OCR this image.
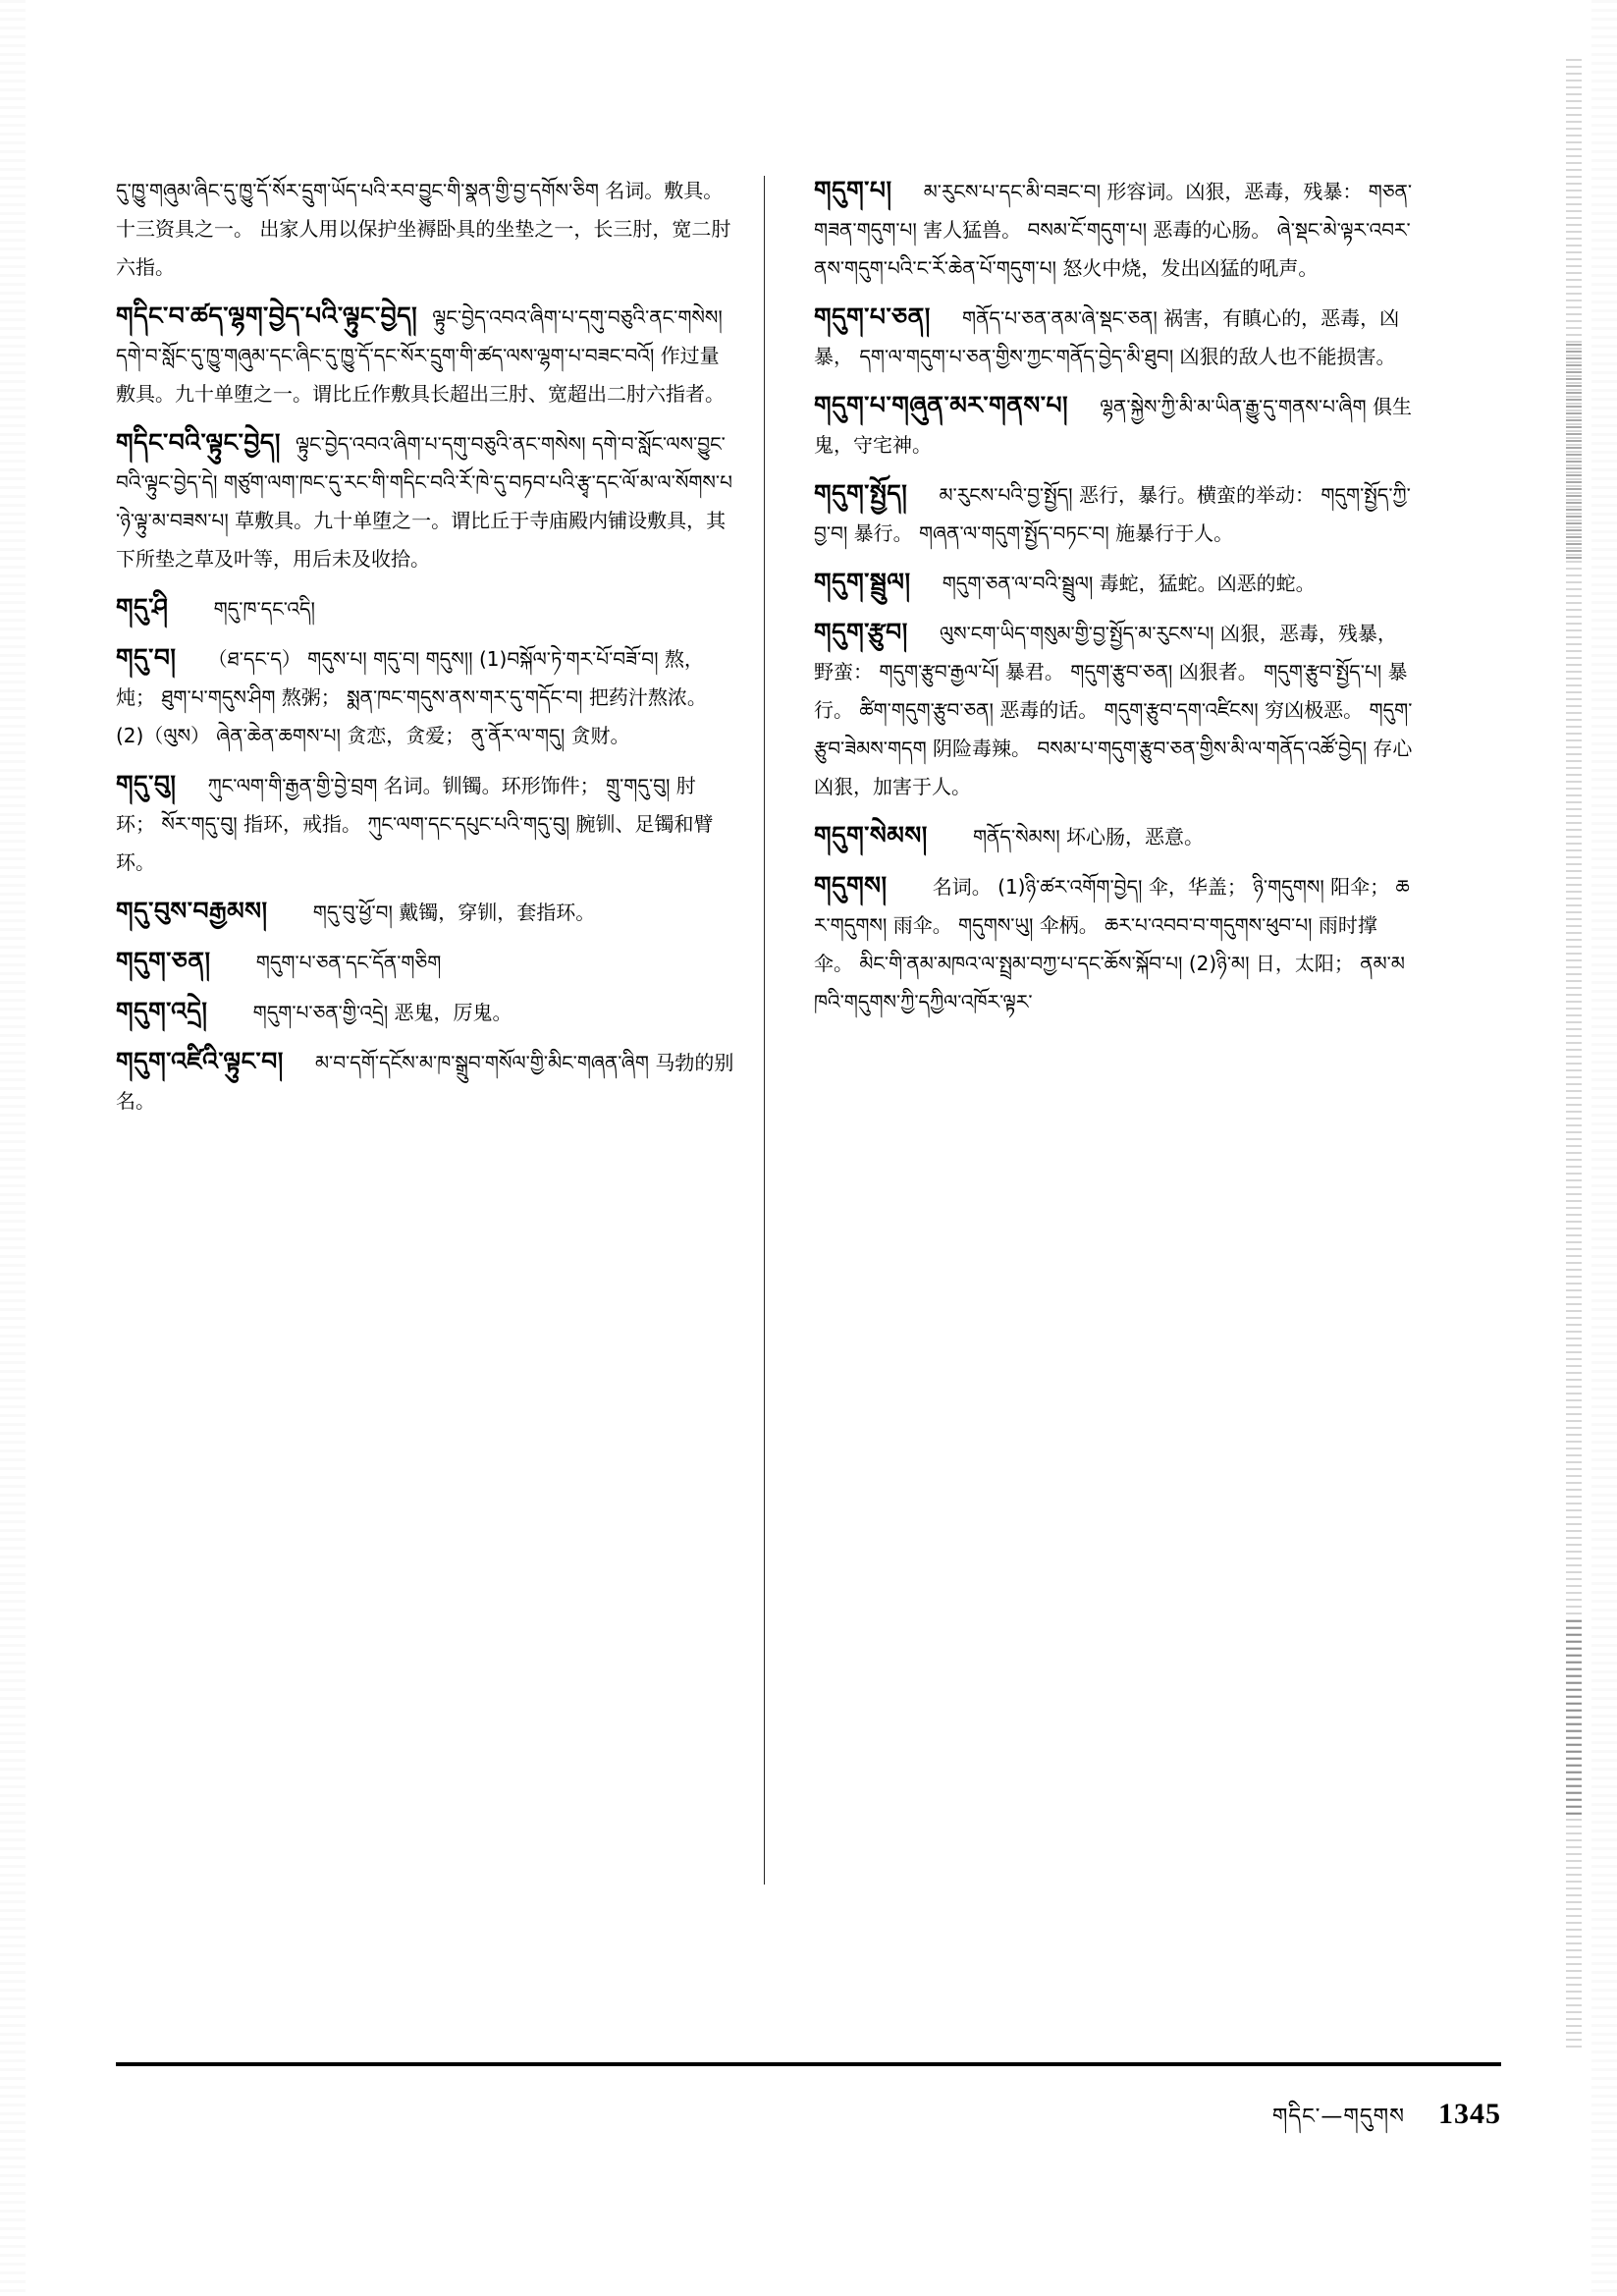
དུ་ཁྱུ་གཞུམ་ཞིང་དུ་ཁྱུ་དོ་སོར་དྲུག་ཡོད་པའི་རབ་བྱུང་གི་སྣན་གྱི་བྱ་དགོས་ཅིག 名词。敷具。十三资具之一。 出家人用以保护坐褥卧具的坐垫之一，长三肘，宽二肘六指。
གདིང་བ་ཚད་ལྷག་བྱེད་པའི་ལྟུང་བྱེད། ལྟུང་བྱེད་འབའ་ཞིག་པ་དགུ་བཅུའི་ནང་གསེས། དགེ་བ་སློང་དུ་ཁྱུ་གཞུམ་དང་ཞིང་དུ་ཁྱུ་དོ་དང་སོར་དྲུག་གི་ཚད་ལས་ལྷག་པ་བཟང་བའོ། 作过量敷具。九十单堕之一。谓比丘作敷具长超出三肘、宽超出二肘六指者。
གདིང་བའི་ལྟུང་བྱེད། ལྟུང་བྱེད་འབའ་ཞིག་པ་དགུ་བཅུའི་ནང་གསེས། དགེ་བ་སློང་ལས་བྱུང་བའི་ལྟུང་བྱེད་དེ། གཙུག་ལག་ཁང་དུ་རང་གི་གདིང་བའི་རོ་ཁེ་དུ་བཏབ་པའི་རྩྭ་དང་ལོ་མ་ལ་སོགས་པ་ཉེ་ལྟུ་མ་བཟས་པ། 草敷具。九十单堕之一。谓比丘于寺庙殿内铺设敷具，其下所垫之草及叶等，用后未及收拾。
གདུ་ཤི གདུ་ཁ་དང་འདི།
གདུ་བ། （ཐ་དང་ད） གདུས་པ། གདུ་བ། གདུས།། (1)བསྐོལ་ཏེ་གར་པོ་བཟོ་བ། 熬，炖； ཐུག་པ་གདུས་ཤིག 熬粥； སྨན་ཁང་གདུས་ནས་གར་དུ་གདོང་བ། 把药汁熬浓。(2)（ལུས） ཞེན་ཆེན་ཆགས་པ། 贪恋，贪爱； ནུ་ནོར་ལ་གདུ། 贪财。
གདུ་བུ། ཀུང་ལག་གི་རྒྱན་གྱི་བྱེ་བྲག 名词。钏镯。环形饰件； གྲུ་གདུ་བུ། 肘环； སོར་གདུ་བུ། 指环，戒指。 ཀུང་ལག་དང་དཔུང་པའི་གདུ་བུ། 腕钏、足镯和臂环。
གདུ་བུས་བརྒྱམས། གདུ་བུ་ཕྱོ་བ། 戴镯，穿钏，套指环。
གདུག་ཅན། གདུག་པ་ཅན་དང་དོན་གཅིག
གདུག་འདྲེ། གདུག་པ་ཅན་གྱི་འདྲེ། 恶鬼，厉鬼。
གདུག་འཛིའི་ལྟུང་བ། མ་བ་དགོ་དངོས་མ་ཁ་སྒྲུབ་གསོལ་གྱི་མིང་གཞན་ཞིག 马勃的别名。
གདུག་པ། མ་རུངས་པ་དང་མི་བཟང་བ། 形容词。凶狠，恶毒，残暴： གཅན་གཟན་གདུག་པ། 害人猛兽。 བསམ་ངོ་གདུག་པ། 恶毒的心肠。 ཞེ་སྡང་མེ་ལྟར་འབར་ནས་གདུག་པའི་ང་རོ་ཆེན་པོ་གདུག་པ། 怒火中烧，发出凶猛的吼声。
གདུག་པ་ཅན། གནོད་པ་ཅན་ནམ་ཞེ་སྡང་ཅན། 祸害，有瞋心的，恶毒，凶暴， དག་ལ་གདུག་པ་ཅན་གྱིས་ཀྱང་གནོད་བྱེད་མི་ཐུབ། 凶狠的敌人也不能损害。
གདུག་པ་གཞུན་མར་གནས་པ། ལྷན་སྐྱེས་ཀྱི་མི་མ་ཡིན་རྒྱུ་དུ་གནས་པ་ཞིག 俱生鬼，守宅神。
གདུག་སྤྱོད། མ་རུངས་པའི་བྱ་སྤྱོད། 恶行，暴行。横蛮的举动： གདུག་སྤྱོད་ཀྱི་བྱ་བ། 暴行。 གཞན་ལ་གདུག་སྤྱོད་བཏང་བ། 施暴行于人。
གདུག་སྦྲུལ། གདུག་ཅན་ལ་བའི་སྦྲུལ། 毒蛇，猛蛇。凶恶的蛇。
གདུག་རྩུབ། ལུས་ངག་ཡིད་གསུམ་གྱི་བྱ་སྤྱོད་མ་རུངས་པ། 凶狠，恶毒，残暴，野蛮： གདུག་རྩུབ་རྒྱལ་པོ། 暴君。 གདུག་རྩུབ་ཅན། 凶狠者。 གདུག་རྩུབ་སྤྱོད་པ། 暴行。 ཚིག་གདུག་རྩུབ་ཅན། 恶毒的话。 གདུག་རྩུབ་དག་འཛིངས། 穷凶极恶。 གདུག་རྩུབ་ཟེམས་གདག 阴险毒辣。 བསམ་པ་གདུག་རྩུབ་ཅན་གྱིས་མི་ལ་གནོད་འཚོ་བྱེད། 存心凶狠，加害于人。
གདུག་སེམས། གནོད་སེམས། 坏心肠，恶意。
གདུགས། 名词。 (1)ཉི་ཚར་འགོག་བྱེད། 伞，华盖； ཉི་གདུགས། 阳伞； ཆར་གདུགས། 雨伞。 གདུགས་ཡུ། 伞柄。 ཆར་པ་འབབ་བ་གདུགས་ཕུབ་པ། 雨时撑伞。 མིང་གི་ནམ་མཁའ་ལ་སྤྲམ་བཀྱ་པ་དང་ཆོས་སྐོབ་པ། (2)ཉི་མ། 日，太阳； ནམ་མཁའི་གདུགས་ཀྱི་དཀྱིལ་འཁོར་ལྟར་
གདིང་—གདུགས 1345
